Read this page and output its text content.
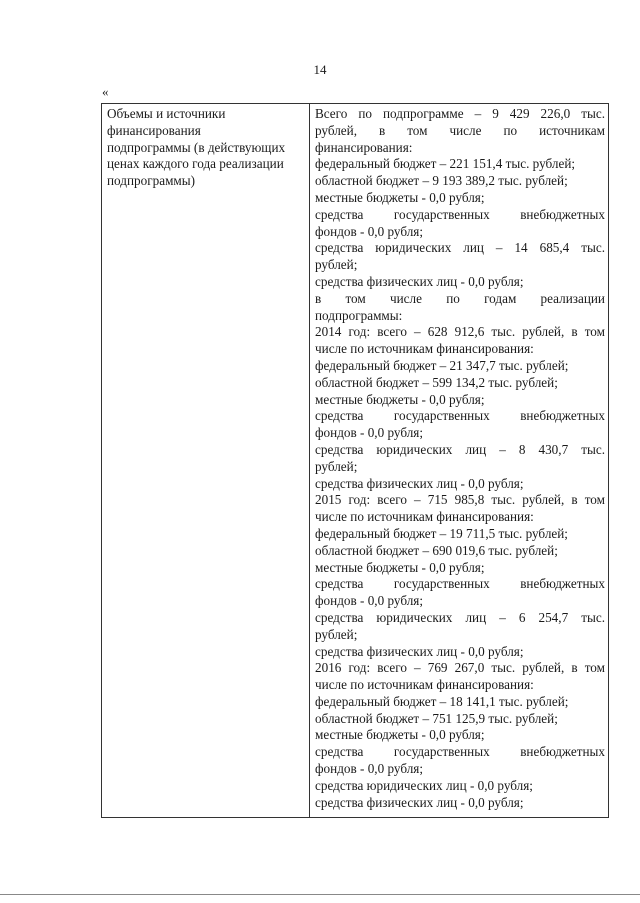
14
«
Объемы и источники
финансирования
подпрограммы (в действующих
ценах каждого года реализации
подпрограммы)
Всего по подпрограмме – 9 429 226,0 тыс.
рублей, в том числе по источникам
финансирования:
федеральный бюджет – 221 151,4 тыс. рублей;
областной бюджет – 9 193 389,2 тыс. рублей;
местные бюджеты - 0,0 рубля;
средства государственных внебюджетных
фондов - 0,0 рубля;
средства юридических лиц – 14 685,4 тыс.
рублей;
средства физических лиц - 0,0 рубля;
в том числе по годам реализации
подпрограммы:
2014 год: всего – 628 912,6 тыс. рублей, в том
числе по источникам финансирования:
федеральный бюджет – 21 347,7 тыс. рублей;
областной бюджет – 599 134,2 тыс. рублей;
местные бюджеты - 0,0 рубля;
средства государственных внебюджетных
фондов - 0,0 рубля;
средства юридических лиц – 8 430,7 тыс.
рублей;
средства физических лиц - 0,0 рубля;
2015 год: всего – 715 985,8 тыс. рублей, в том
числе по источникам финансирования:
федеральный бюджет – 19 711,5 тыс. рублей;
областной бюджет – 690 019,6 тыс. рублей;
местные бюджеты - 0,0 рубля;
средства государственных внебюджетных
фондов - 0,0 рубля;
средства юридических лиц – 6 254,7 тыс.
рублей;
средства физических лиц - 0,0 рубля;
2016 год: всего – 769 267,0 тыс. рублей, в том
числе по источникам финансирования:
федеральный бюджет – 18 141,1 тыс. рублей;
областной бюджет – 751 125,9 тыс. рублей;
местные бюджеты - 0,0 рубля;
средства государственных внебюджетных
фондов - 0,0 рубля;
средства юридических лиц - 0,0 рубля;
средства физических лиц - 0,0 рубля;
